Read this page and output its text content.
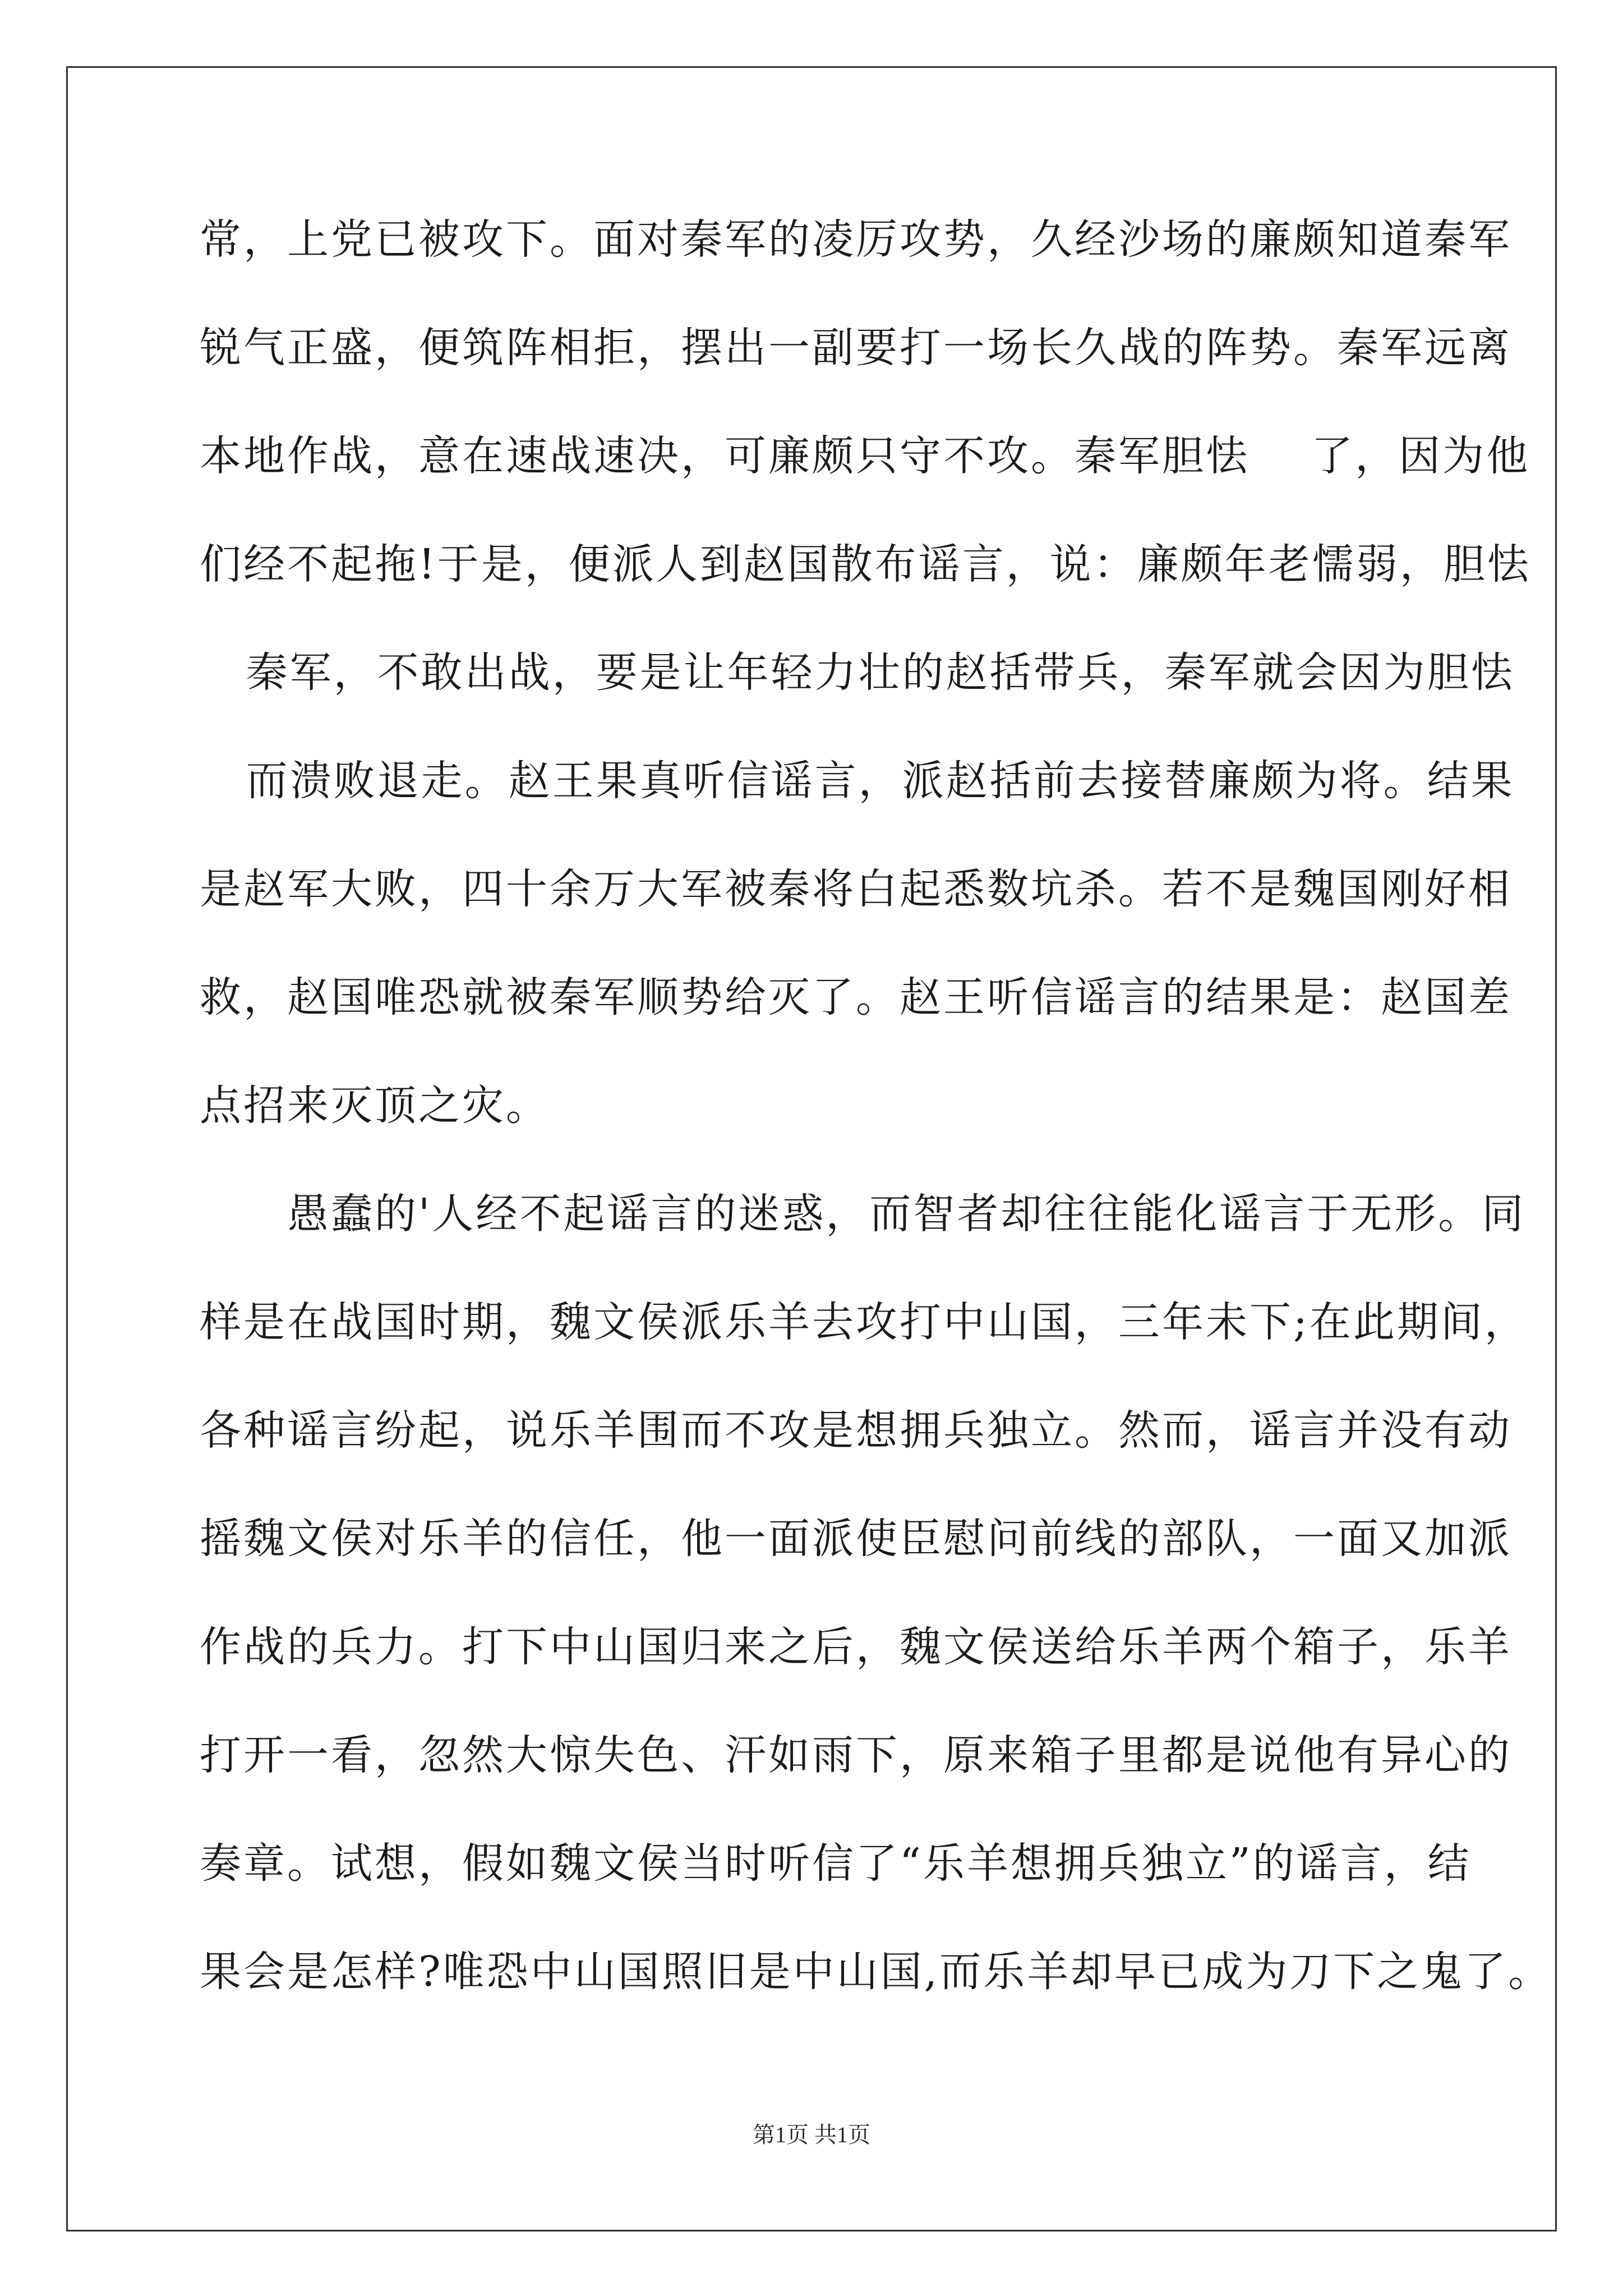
常，上党已被攻下。面对秦军的凌厉攻势，久经沙场的廉颇知道秦军
锐气正盛，便筑阵相拒，摆出一副要打一场长久战的阵势。秦军远离
本地作战，意在速战速决，可廉颇只守不攻。秦军胆怯    了，因为他
们经不起拖!于是，便派人到赵国散布谣言，说：廉颇年老懦弱，胆怯
秦军，不敢出战，要是让年轻力壮的赵括带兵，秦军就会因为胆怯
而溃败退走。赵王果真听信谣言，派赵括前去接替廉颇为将。结果
是赵军大败，四十余万大军被秦将白起悉数坑杀。若不是魏国刚好相
救，赵国唯恐就被秦军顺势给灭了。赵王听信谣言的结果是：赵国差
点招来灭顶之灾。
　　愚蠢的'人经不起谣言的迷惑，而智者却往往能化谣言于无形。同
样是在战国时期，魏文侯派乐羊去攻打中山国，三年未下;在此期间，
各种谣言纷起，说乐羊围而不攻是想拥兵独立。然而，谣言并没有动
摇魏文侯对乐羊的信任，他一面派使臣慰问前线的部队，一面又加派
作战的兵力。打下中山国归来之后，魏文侯送给乐羊两个箱子，乐羊
打开一看，忽然大惊失色、汗如雨下，原来箱子里都是说他有异心的
奏章。试想，假如魏文侯当时听信了“乐羊想拥兵独立”的谣言，结
果会是怎样?唯恐中山国照旧是中山国,而乐羊却早已成为刀下之鬼了。
第1页 共1页
